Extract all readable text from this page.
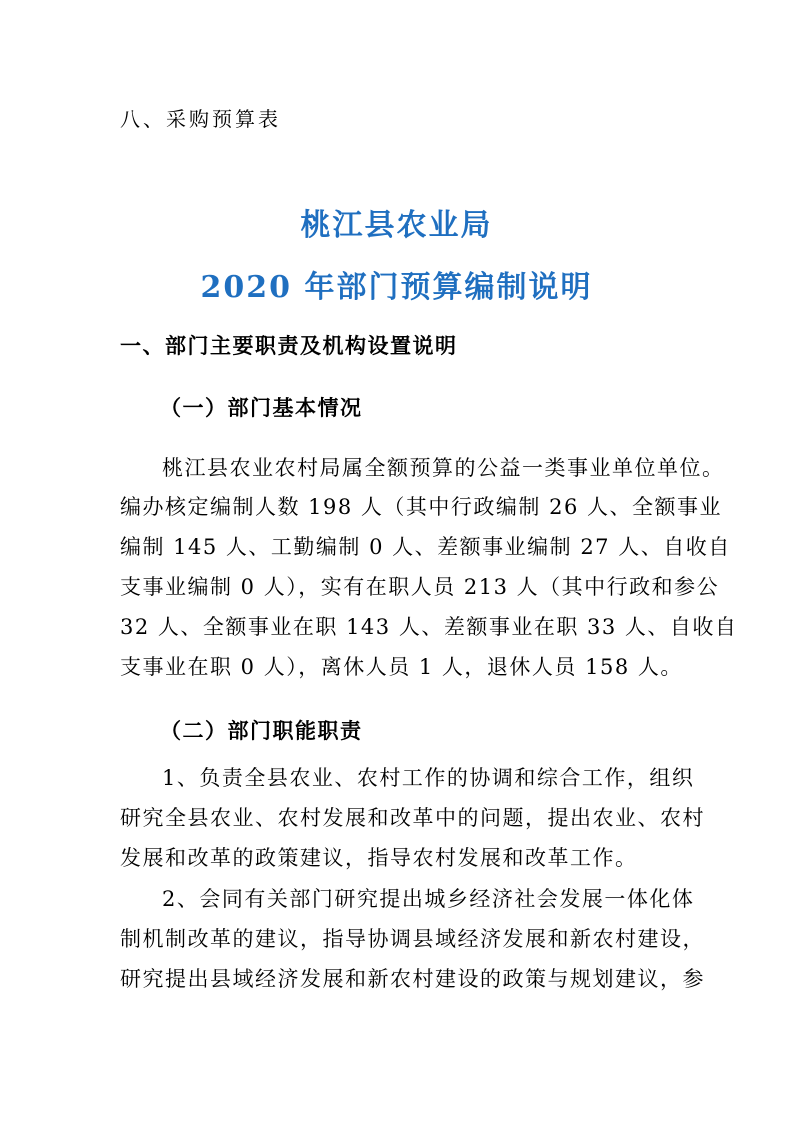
八、采购预算表
桃江县农业局
2020 年部门预算编制说明
一、部门主要职责及机构设置说明
（一）部门基本情况
桃江县农业农村局属全额预算的公益一类事业单位单位。
编办核定编制人数 198 人（其中行政编制 26 人、全额事业
编制 145 人、工勤编制 0 人、差额事业编制 27 人、自收自
支事业编制 0 人），实有在职人员 213 人（其中行政和参公
32 人、全额事业在职 143 人、差额事业在职 33 人、自收自
支事业在职 0 人），离休人员 1 人，退休人员 158 人。
（二）部门职能职责
1、负责全县农业、农村工作的协调和综合工作，组织
研究全县农业、农村发展和改革中的问题，提出农业、农村
发展和改革的政策建议，指导农村发展和改革工作。
2、会同有关部门研究提出城乡经济社会发展一体化体
制机制改革的建议，指导协调县域经济发展和新农村建设，
研究提出县域经济发展和新农村建设的政策与规划建议，参
